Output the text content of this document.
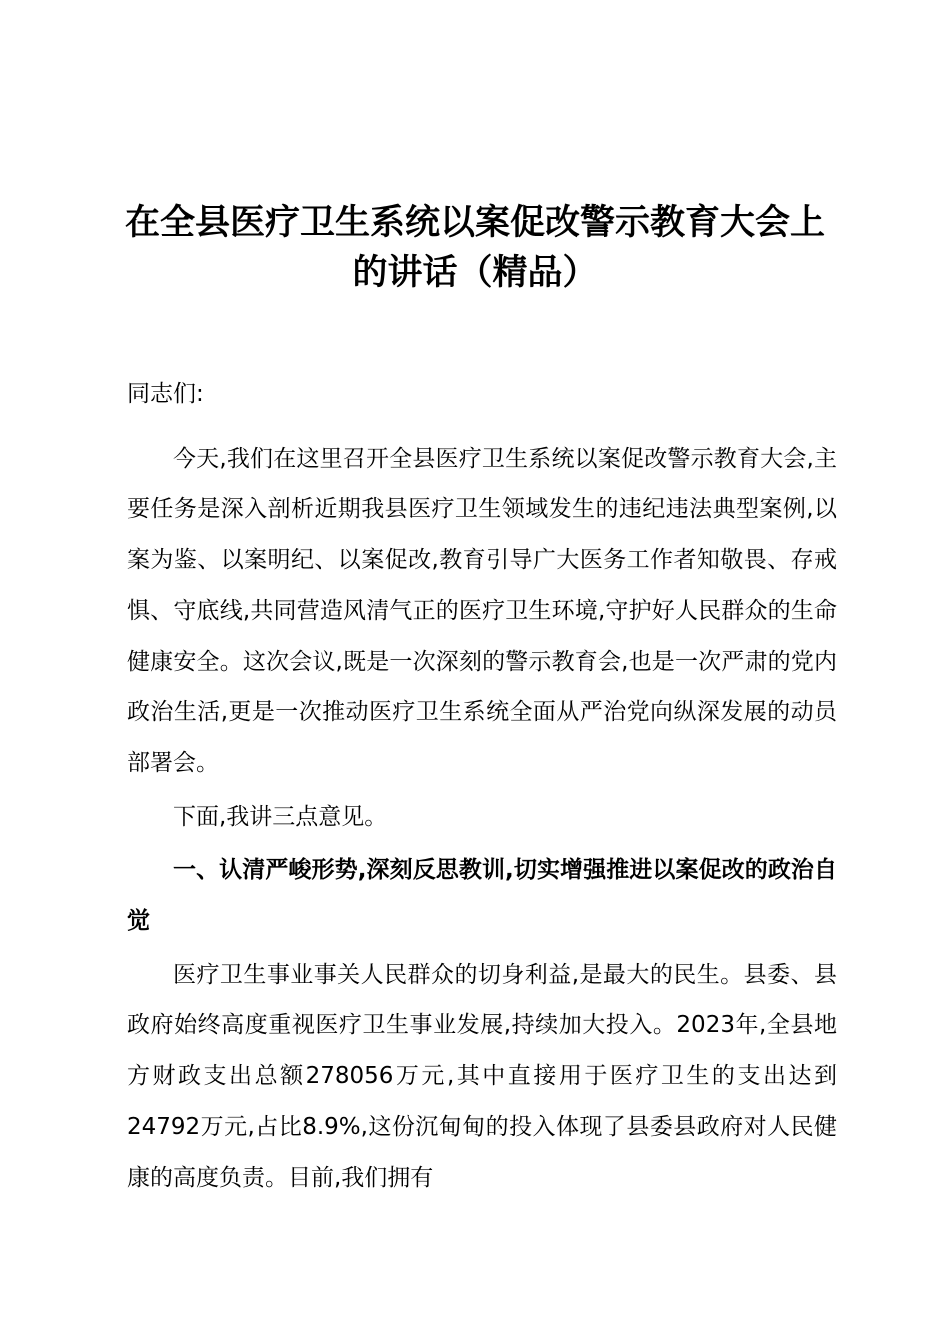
在全县医疗卫生系统以案促改警示教育大会上的讲话（精品）

同志们:

今天,我们在这里召开全县医疗卫生系统以案促改警示教育大会,主要任务是深入剖析近期我县医疗卫生领域发生的违纪违法典型案例,以案为鉴、以案明纪、以案促改,教育引导广大医务工作者知敬畏、存戒惧、守底线,共同营造风清气正的医疗卫生环境,守护好人民群众的生命健康安全。这次会议,既是一次深刻的警示教育会,也是一次严肃的党内政治生活,更是一次推动医疗卫生系统全面从严治党向纵深发展的动员部署会。

下面,我讲三点意见。

一、认清严峻形势,深刻反思教训,切实增强推进以案促改的政治自觉

医疗卫生事业事关人民群众的切身利益,是最大的民生。县委、县政府始终高度重视医疗卫生事业发展,持续加大投入。2023年,全县地方财政支出总额278056万元,其中直接用于医疗卫生的支出达到24792万元,占比8.9%,这份沉甸甸的投入体现了县委县政府对人民健康的高度负责。目前,我们拥有
